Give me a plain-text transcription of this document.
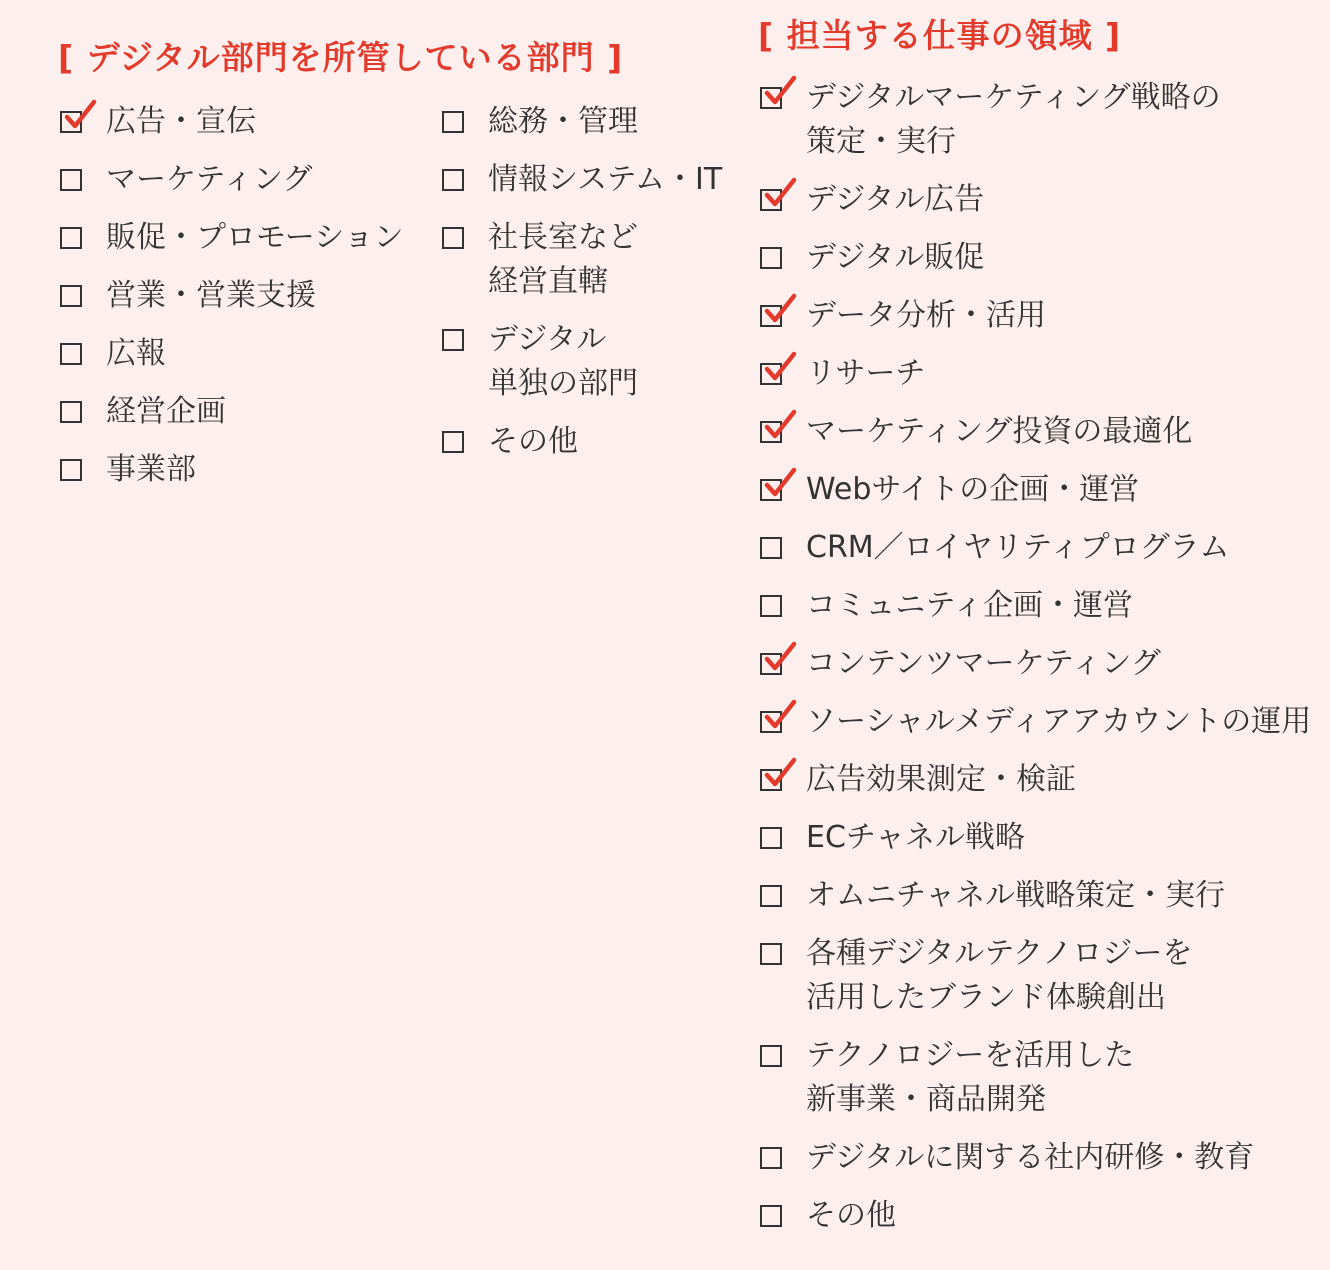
[ デジタル部門を所管している部門 ]
広告・宣伝
マーケティング
販促・プロモーション
営業・営業支援
広報
経営企画
事業部
総務・管理
情報システム・IT
社長室など
経営直轄
デジタル
単独の部門
その他
[ 担当する仕事の領域 ]
デジタルマーケティング戦略の
策定・実行
デジタル広告
デジタル販促
データ分析・活用
リサーチ
マーケティング投資の最適化
Webサイトの企画・運営
CRM／ロイヤリティプログラム
コミュニティ企画・運営
コンテンツマーケティング
ソーシャルメディアアカウントの運用
広告効果測定・検証
ECチャネル戦略
オムニチャネル戦略策定・実行
各種デジタルテクノロジーを
活用したブランド体験創出
テクノロジーを活用した
新事業・商品開発
デジタルに関する社内研修・教育
その他
